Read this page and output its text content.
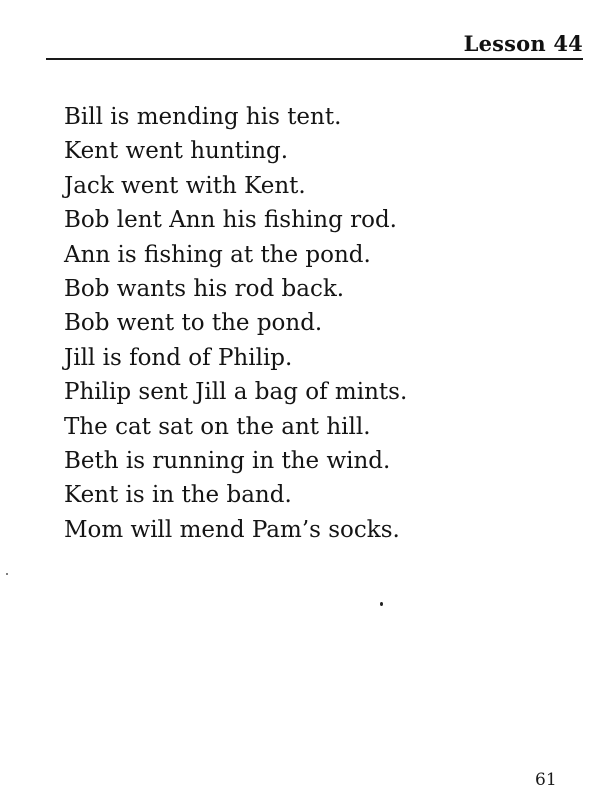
Lesson 44
Bill is mending his tent.
Kent went hunting.
Jack went with Kent.
Bob lent Ann his fishing rod.
Ann is fishing at the pond.
Bob wants his rod back.
Bob went to the pond.
Jill is fond of Philip.
Philip sent Jill a bag of mints.
The cat sat on the ant hill.
Beth is running in the wind.
Kent is in the band.
Mom will mend Pam’s socks.
61
